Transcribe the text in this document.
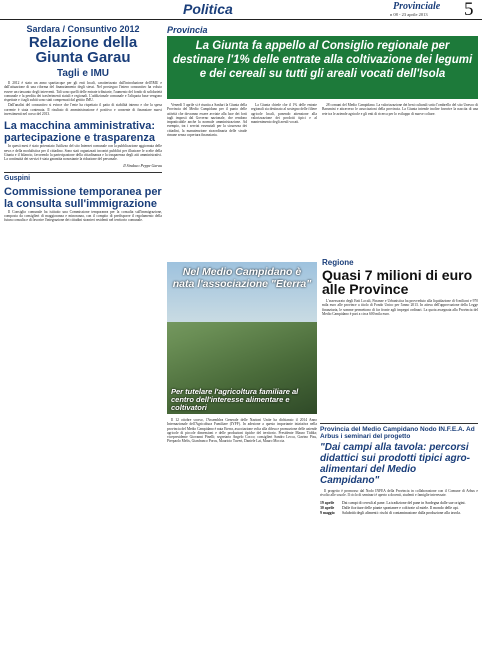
Politica	Provinciale
n 08 - 23 aprile 2013 5
Sardara / Consuntivo 2012
Relazione della Giunta Garau
Tagli e IMU

Il 2012 è stato un anno spartiacque per gli enti locali, caratterizzato dall'introduzione dell'IMU e dall'attuazione di una riforma del finanziamento degli stessi. Nel prosieguo l'intero consuntivo ha voluto essere un riassunto degli interventi. Tali sono quelli delle entrate tributarie, l'aumento del fondo di solidarietà comunale e la perdita dei trasferimenti statali e regionali. L'addizionale comunale e l'aliquota base vengono rispettate e i tagli subiti sono stati compensati dal gettito IMU.

Dall'analisi del consuntivo si evince che l'ente ha rispettato il patto di stabilità interno e che la spesa corrente è stata contenuta. Il risultato di amministrazione è positivo e consente di finanziare nuovi investimenti nel corso del 2013.

La macchina amministrativa: partecipazione e trasparenza

In questi mesi è stato potenziato l'utilizzo del sito Internet comunale con la pubblicazione aggiornata delle news e della modulistica per il cittadino. Sono stati organizzati incontri pubblici per illustrare le scelte della Giunta e il bilancio, favorendo la partecipazione della cittadinanza e la trasparenza degli atti amministrativi. La continuità dei servizi è stata garantita nonostante la riduzione del personale.

Il Sindaco Peppe Garau
Guspini
Commissione temporanea per la consulta sull'immigrazione

Il Consiglio comunale ha istituito una Commissione temporanea per la consulta sull'immigrazione, composta da consiglieri di maggioranza e minoranza, con il compito di predisporre il regolamento della futura consulta e di favorire l'integrazione dei cittadini stranieri residenti nel territorio comunale.

Provincia
La Giunta fa appello al Consiglio regionale per destinare l'1% delle entrate alla coltivazione dei legumi e dei cereali su tutti gli areali vocati dell'Isola

Venerdì 5 aprile si è riunita a Sanluri la Giunta della Provincia del Medio Campidano per il punto delle attività che dovranno essere avviate alla luce dei forti tagli imposti dal Governo nazionale, che rendono impraticabile anche la normale amministrazione. Ad esempio, tra i servizi essenziali per la sicurezza dei cittadini, la manutenzione straordinaria delle strade rimane senza copertura finanziaria.

La Giunta chiede che il 1% delle entrate regionali sia destinato al sostegno delle filiere agricole locali, ponendo attenzione alla valorizzazione dei prodotti tipici e al mantenimento degli areali vocati.

28 comuni del Medio Campidano. La valorizzazione dei beni culturali sotto l'ombrello del sito Unesco di Barumini e attraverso le associazioni della provincia. La Giunta intende inoltre favorire la nascita di una rete tra le aziende agricole e gli enti di ricerca per lo sviluppo di nuove colture.

Nel Medio Campidano è nata l'associazione "Eterra"
Per tutelare l'agricoltura familiare al centro dell'interesse alimentare e coltivatori

Il 12 ottobre scorso, l'Assemblea Generale delle Nazioni Unite ha dichiarato il 2014 Anno Internazionale dell'Agricoltura Familiare (IYFF). In adesione a questo importante iniziativa nella provincia del Medio Campidano è nata Eterra, associazione volta alla difesa e promozione delle aziende agricole di piccole dimensioni e delle produzioni tipiche del territorio. Presidente Mauro Tiddia; vicepresidente Giovanni Pinelli; segretario Angelo Cocco; consiglieri Sandro Lecca, Gavino Pisu, Pierpaolo Melis, Gianfranco Porcu, Mauricio Tuveri, Daniele Lai, Mauro Moccia.

Regione
Quasi 7 milioni di euro alle Province

L'assessorato degli Enti Locali, Finanze e Urbanistica ha provveduto alla liquidazione di 6 milioni e 970 mila euro alle province a titolo di Fondo Unico per l'anno 2013. In attesa dell'approvazione della Legge finanziaria, le somme permettono di far fronte agli impegni ordinari. La quota assegnata alla Provincia del Medio Campidano è pari a circa 600 mila euro.

Provincia del Medio Campidano Nodo IN.F.E.A. Ad Arbus i seminari del progetto
"Dai campi alla tavola: percorsi didattici sui prodotti tipici agro-alimentari del Medio Campidano"

Il progetto è promosso dal Nodo INFEA della Provincia in collaborazione con il Comune di Arbus e rivolto alle scuole. Il ciclo di seminari è aperto a docenti, studenti e famiglie interessate.

19 aprile	Dai campi di cereali al pane. La tradizione del pane in Sardegna dalle sue origini.
30 aprile	Dalle fioriture delle piante spontanee e coltivate al miele. Il mondo delle api.
9 maggio	Salubrità degli alimenti: rischi di contaminazione dalla produzione alla tavola.
